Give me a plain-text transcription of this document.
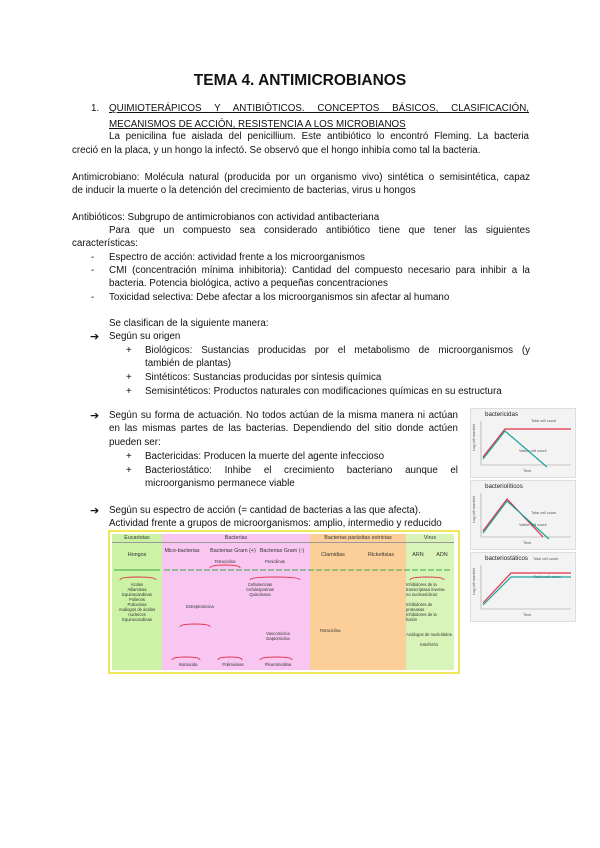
TEMA 4. ANTIMICROBIANOS
1. QUIMIOTERÁPICOS Y ANTIBIÓTICOS. CONCEPTOS BÁSICOS, CLASIFICACIÓN,
MECANISMOS DE ACCIÓN, RESISTENCIA A LOS MICROBIANOS
La penicilina fue aislada del penicillium. Este antibiótico lo encontró Fleming. La bacteria
creció en la placa, y un hongo la infectó. Se observó que el hongo inhibía como tal la bacteria.
Antimicrobiano: Molécula natural (producida por un organismo vivo) sintética o semisintética, capaz
de inducir la muerte o la detención del crecimiento de bacterias, virus u hongos
Antibióticos: Subgrupo de antimicrobianos con actividad antibacteriana
Para que un compuesto sea considerado antibiótico tiene que tener las siguientes
características:
- Espectro de acción: actividad frente a los microorganismos
- CMI (concentración mínima inhibitoria): Cantidad del compuesto necesario para inhibir a la
bacteria. Potencia biológica, activo a pequeñas concentraciones
- Toxicidad selectiva: Debe afectar a los microorganismos sin afectar al humano
Se clasifican de la siguiente manera:
➔ Según su origen
+ Biológicos: Sustancias producidas por el metabolismo de microorganismos (y
también de plantas)
+ Sintéticos: Sustancias producidas por síntesis química
+ Semisintéticos: Productos naturales con modificaciones químicas en su estructura
➔ Según su forma de actuación. No todos actúan de la misma manera ni actúan
en las mismas partes de las bacterias. Dependiendo del sitio donde actúen
pueden ser:
+ Bactericidas: Producen la muerte del agente infeccioso
+ Bacteriostático: Inhibe el crecimiento bacteriano aunque el
microorganismo permanece viable
➔ Según su espectro de acción (= cantidad de bacterias a las que afecta).
Actividad frente a grupos de microorganismos: amplio, intermedio y reducido
Eucariotas	Bacterias	Bacterias parásitas estrictas	Virus
Hongos
Mico-bacterias	Bacterias Gram (+) Bacterias Gram (-)
Clamidias	Rickettsias	ARN	ADN
Azoles
Alilaminas
Equinocandinas
Polienos
Polioxinas
Análogos de ácidos nucleicos
Equinocandinas
Tetraciclina	Penicilinas
Cefamecinas
Cefalosporinas
Quinolonas
Estreptomicina
Tetraciclina
Inhibidores de la transcriptasa inversa no nucleosídicos
Inhibidores de proteasas
Inhibidores de la fusión
Análogos de nucleótidos
Interferón
Isoniacida	Polimixinas
Vancomicina
Daptomicina
Pleuromutilina
bactericidas
Total cell count
Viable cell count
Time
Log cell number
bacteriolíticos
Time
Viable cell count
Total cell count
Log cell number
bacteriostáticos Total cell count
Viable cell count
Time
Log cell number
